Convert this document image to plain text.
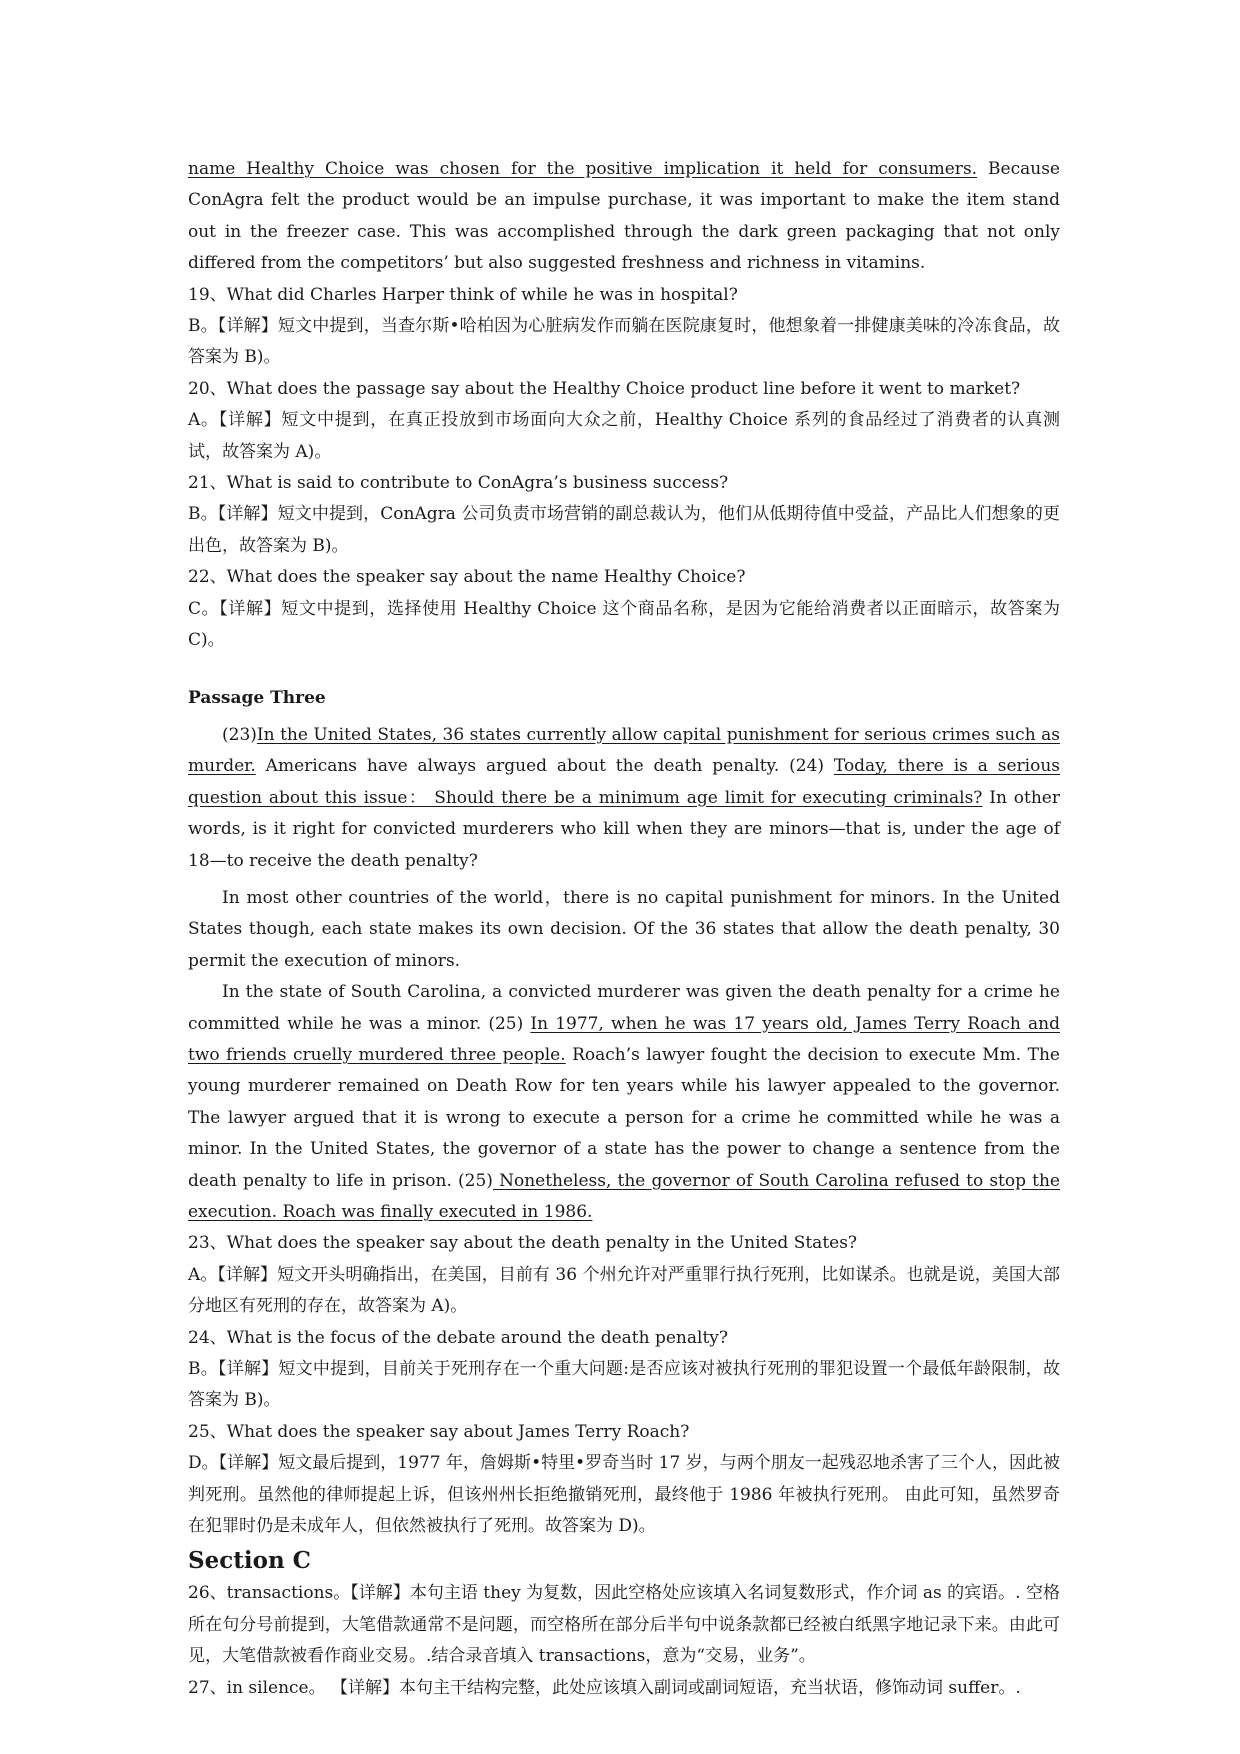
name Healthy Choice was chosen for the positive implication it held for consumers. Because ConAgra felt the product would be an impulse purchase, it was important to make the item stand out in the freezer case. This was accomplished through the dark green packaging that not only differed from the competitors’ but also suggested freshness and richness in vitamins.

19、What did Charles Harper think of while he was in hospital?

B。【详解】短文中提到，当查尔斯•哈柏因为心脏病发作而躺在医院康复时，他想象着一排健康美味的冷冻食品，故答案为 B)。

20、What does the passage say about the Healthy Choice product line before it went to market?

A。【详解】短文中提到，在真正投放到市场面向大众之前，Healthy Choice 系列的食品经过了消费者的认真测试，故答案为 A)。

21、What is said to contribute to ConAgra’s business success?

B。【详解】短文中提到，ConAgra 公司负责市场营销的副总裁认为，他们从低期待值中受益，产品比人们想象的更出色，故答案为 B)。

22、What does the speaker say about the name Healthy Choice?

C。【详解】短文中提到，选择使用 Healthy Choice 这个商品名称，是因为它能给消费者以正面暗示，故答案为 C)。

Passage Three

(23)In the United States, 36 states currently allow capital punishment for serious crimes such as murder. Americans have always argued about the death penalty. (24) Today, there is a serious question about this issue： Should there be a minimum age limit for executing criminals? In other words, is it right for convicted murderers who kill when they are minors—that is, under the age of 18—to receive the death penalty?

In most other countries of the world，there is no capital punishment for minors. In the United States though, each state makes its own decision. Of the 36 states that allow the death penalty, 30 permit the execution of minors.

In the state of South Carolina, a convicted murderer was given the death penalty for a crime he committed while he was a minor. (25) In 1977, when he was 17 years old, James Terry Roach and two friends cruelly murdered three people. Roach’s lawyer fought the decision to execute Mm. The young murderer remained on Death Row for ten years while his lawyer appealed to the governor. The lawyer argued that it is wrong to execute a person for a crime he committed while he was a minor. In the United States, the governor of a state has the power to change a sentence from the death penalty to life in prison. (25) Nonetheless, the governor of South Carolina refused to stop the execution. Roach was finally executed in 1986.

23、What does the speaker say about the death penalty in the United States?

A。【详解】短文开头明确指出，在美国，目前有 36 个州允许对严重罪行执行死刑，比如谋杀。也就是说，美国大部分地区有死刑的存在，故答案为 A)。

24、What is the focus of the debate around the death penalty?

B。【详解】短文中提到，目前关于死刑存在一个重大问题:是否应该对被执行死刑的罪犯设置一个最低年龄限制，故答案为 B)。

25、What does the speaker say about James Terry Roach?

D。【详解】短文最后提到，1977 年，詹姆斯•特里•罗奇当时 17 岁，与两个朋友一起残忍地杀害了三个人，因此被判死刑。虽然他的律师提起上诉，但该州州长拒绝撤销死刑，最终他于 1986 年被执行死刑。 由此可知，虽然罗奇在犯罪时仍是未成年人，但依然被执行了死刑。故答案为 D)。

Section C

26、transactions。【详解】本句主语 they 为复数，因此空格处应该填入名词复数形式，作介词 as 的宾语。. 空格所在句分号前提到，大笔借款通常不是问题，而空格所在部分后半句中说条款都已经被白纸黑字地记录下来。由此可见，大笔借款被看作商业交易。.结合录音填入 transactions，意为“交易，业务”。

27、in silence。 【详解】本句主干结构完整，此处应该填入副词或副词短语，充当状语，修饰动词 suffer。.
